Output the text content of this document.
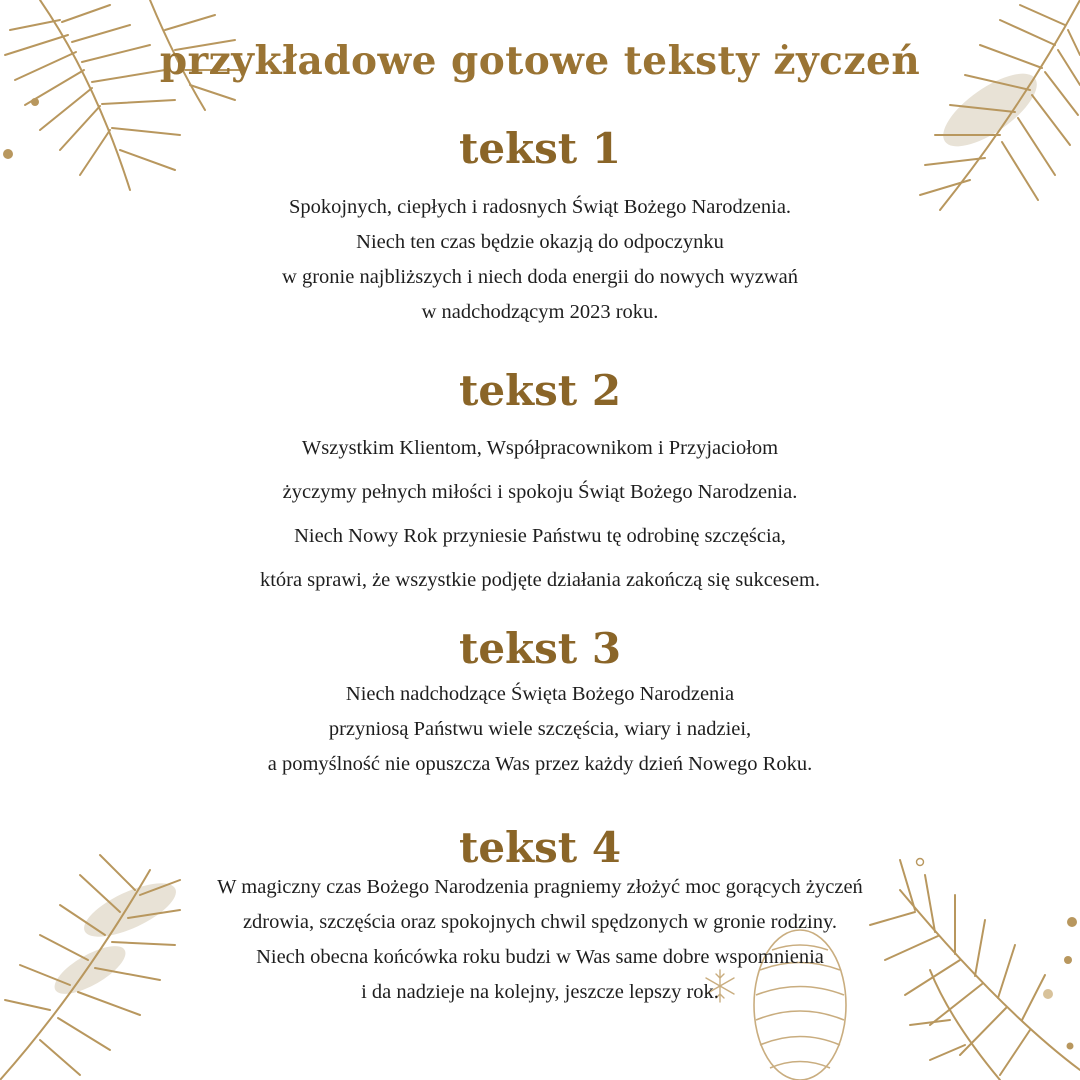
przykładowe gotowe teksty życzeń
tekst 1
Spokojnych, ciepłych i radosnych Świąt Bożego Narodzenia.
Niech ten czas będzie okazją do odpoczynku
w gronie najbliższych i niech doda energii do nowych wyzwań
w nadchodzącym 2023 roku.
tekst 2
Wszystkim Klientom, Współpracownikom i Przyjaciołom
życzymy pełnych miłości i spokoju Świąt Bożego Narodzenia.
Niech Nowy Rok przyniesie Państwu tę odrobinę szczęścia,
która sprawi, że wszystkie podjęte działania zakończą się sukcesem.
tekst 3
Niech nadchodzące Święta Bożego Narodzenia
przyniosą Państwu wiele szczęścia, wiary i nadziei,
a pomyślność nie opuszcza Was przez każdy dzień Nowego Roku.
tekst 4
W magiczny czas Bożego Narodzenia pragniemy złożyć moc gorących życzeń
zdrowia, szczęścia oraz spokojnych chwil spędzonych w gronie rodziny.
Niech obecna końcówka roku budzi w Was same dobre wspomnienia
i da nadzieje na kolejny, jeszcze lepszy rok.
